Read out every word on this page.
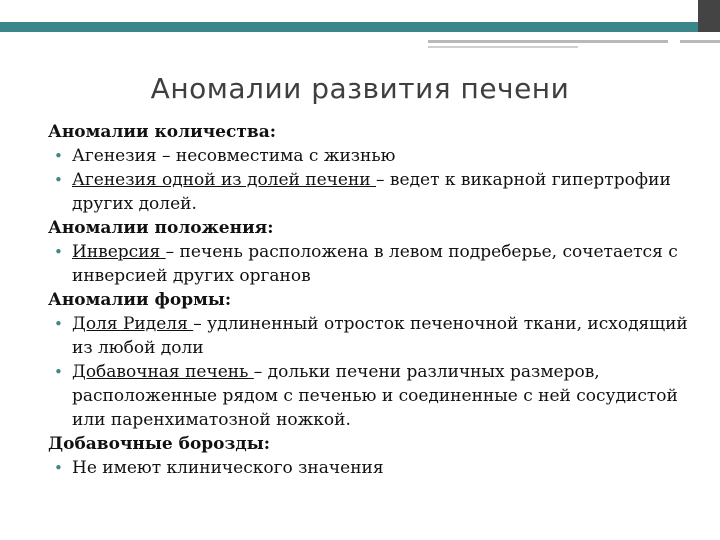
Аномалии развития печени

Аномалии количества:

• Агенезия – несовместима с жизнью

• Агенезия одной из долей печени – ведет к викарной гипертрофии других долей.

Аномалии положения:

• Инверсия – печень расположена в левом подреберье, сочетается с инверсией других органов

Аномалии формы:

• Доля Риделя – удлиненный отросток печеночной ткани, исходящий из любой доли

• Добавочная печень – дольки печени различных размеров, расположенные рядом с печенью и соединенные с ней сосудистой или паренхиматозной ножкой.

Добавочные борозды:

• Не имеют клинического значения
